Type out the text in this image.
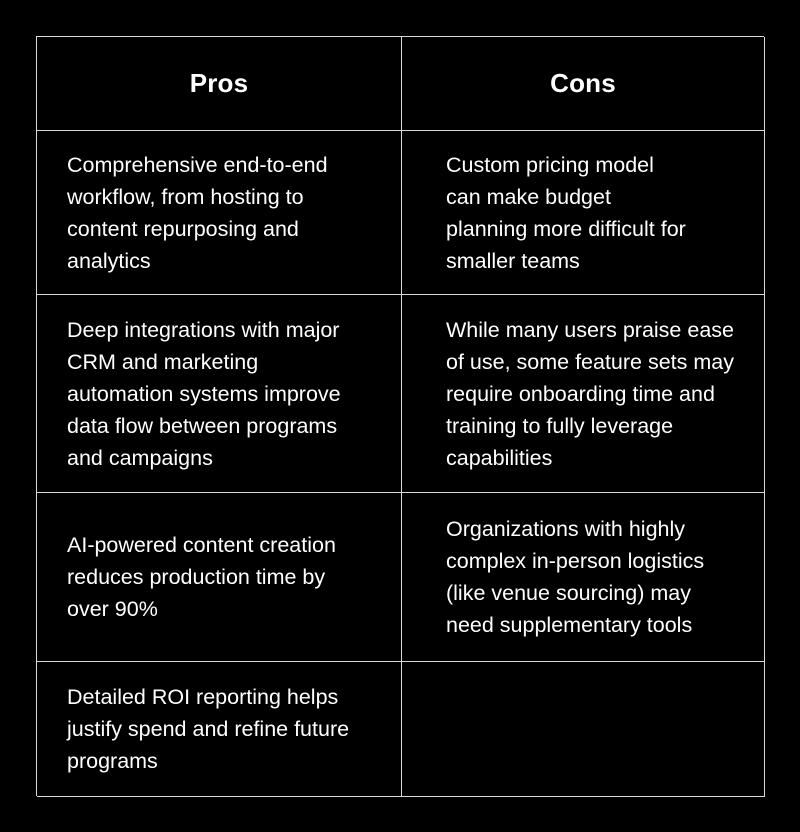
Pros	Cons
Comprehensive end-to-end workflow, from hosting to content repurposing and analytics
Custom pricing model can make budget planning more difficult for smaller teams
Deep integrations with major CRM and marketing automation systems improve data flow between programs and campaigns
While many users praise ease of use, some feature sets may require onboarding time and training to fully leverage capabilities
AI-powered content creation reduces production time by over 90%
Organizations with highly complex in-person logistics (like venue sourcing) may need supplementary tools
Detailed ROI reporting helps justify spend and refine future programs
